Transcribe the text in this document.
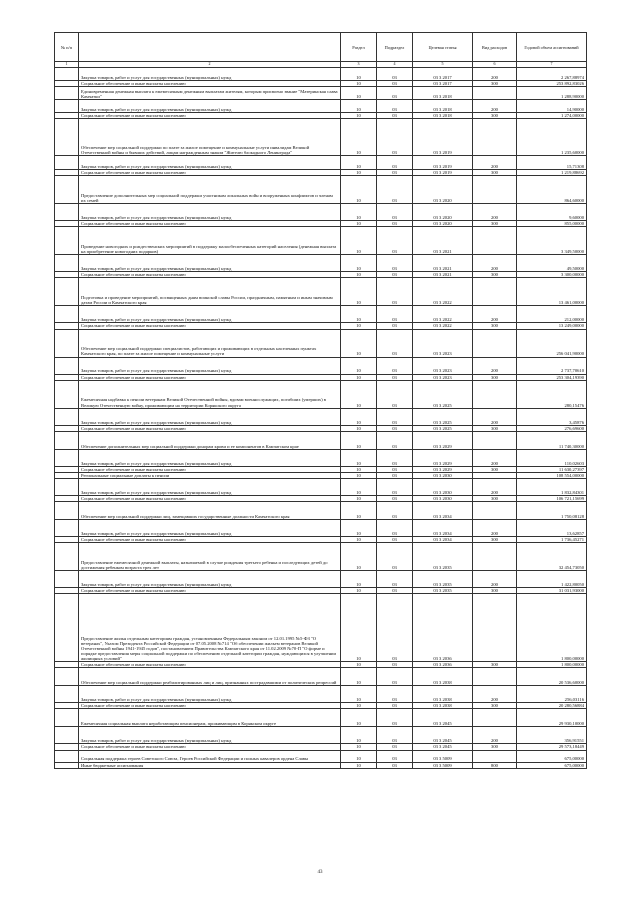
№ п/п		Раздел	Подраздел	Целевая статья	Вид расходов	Годовой объем ассигнований
1	2	3	4	5	6	7
	Закупка товаров, работ и услуг для государственных (муниципальных) нужд	10	03	03 3 2017	200	2 267,88974
	Социальное обеспечение и иные выплаты населению	10	03	03 3 2017	300	253 892,83026
	Единовременная денежная выплата к ежемесячным денежным выплатам жителям, которым присвоено звание "Материнская слава Камчатки"	10	03	03 3 2018		1 288,90000
	Закупка товаров, работ и услуг для государственных (муниципальных) нужд	10	03	03 3 2018	200	14,90000
	Социальное обеспечение и иные выплаты населению	10	03	03 3 2018	300	1 274,00000
	Обеспечение мер социальной поддержки по плате за жилое помещение и коммунальные услуги инвалидам Великой Отечественной войны и бывших действий, лицам награжденным знаком "Жителю блокадного Ленинграда"	10	03	03 3 2019		1 235,60000
	Закупка товаров, работ и услуг для государственных (муниципальных) нужд	10	03	03 3 2019	200	15,71308
	Социальное обеспечение и иные выплаты населению	10	03	03 3 2019	300	1 219,88692
	Предоставление дополнительных мер социальной поддержки участникам локальных войн и вооруженных конфликтов и членам их семей	10	03	03 3 2020		864,60000
	Закупка товаров, работ и услуг для государственных (муниципальных) нужд	10	03	03 3 2020	200	9,60000
	Социальное обеспечение и иные выплаты населению	10	03	03 3 2020	300	855,00000
	Проведение новогодних и рождественских мероприятий в поддержку малообеспеченных категорий населения (денежная выплата на приобретение новогодних подарков)	10	03	03 3 2021		3 349,50000
	Закупка товаров, работ и услуг для государственных (муниципальных) нужд	10	03	03 3 2021	200	49,50000
	Социальное обеспечение и иные выплаты населению	10	03	03 3 2021	300	3 300,00000
	Подготовка и проведение мероприятий, посвященных дням воинской славы России, праздничным, памятным и иным значимым датам России и Камчатского края	10	03	03 3 2022		13 461,00000
	Закупка товаров, работ и услуг для государственных (муниципальных) нужд	10	03	03 3 2022	200	212,00000
	Социальное обеспечение и иные выплаты населению	10	03	03 3 2022	300	13 249,00000
	Обеспечение мер социальной поддержки специалистов, работающих и проживающих в отдельных населенных пунктах Камчатского края, по плате за жилое помещение и коммунальные услуги	10	03	03 3 2023		256 041,90000
	Закупка товаров, работ и услуг для государственных (муниципальных) нужд	10	03	03 3 2023	200	2 737,70610
	Социальное обеспечение и иные выплаты населению	10	03	03 3 2023	300	253 304,19390
	Ежемесячная надбавка к пенсии ветеранам Великой Отечественной войны, вдовам военнослужащих, погибших (умерших) в Великую Отечественную войну, проживающим на территории Корякского округа	10	03	03 3 2025		280,15476
	Закупка товаров, работ и услуг для государственных (муниципальных) нужд	10	03	03 3 2025	200	3,45876
	Социальное обеспечение и иные выплаты населению	10	03	03 3 2025	300	276,69600
	Обеспечение дополнительных мер социальной поддержки донорам крови и ее компонентов в Камчатском крае	10	03	03 3 2029		11 740,30000
	Закупка товаров, работ и услуг для государственных (муниципальных) нужд	10	03	03 3 2029	200	110,02603
	Социальное обеспечение и иные выплаты населению	10	03	03 3 2029	300	11 630,27397
	Региональные социальные доплаты к пенсии	10	03	03 3 2030		108 554,00000
	Закупка товаров, работ и услуг для государственных (муниципальных) нужд	10	03	03 3 2030	200	1 832,84301
	Социальное обеспечение и иные выплаты населению	10	03	03 3 2030	300	106 721,15699
	Обеспечение мер социальной поддержки лиц, замещавших государственные должности Камчатского края	10	03	03 3 2034		1 750,08128
	Закупка товаров, работ и услуг для государственных (муниципальных) нужд	10	03	03 3 2034	200	13,62857
	Социальное обеспечение и иные выплаты населению	10	03	03 3 2034	300	1 736,45271
	Предоставление ежемесячной денежной выплаты, назначаемой в случае рождения третьего ребенка и последующих детей до достижения ребенком возраста трех лет	10	03	03 3 2035		32 454,73050
	Закупка товаров, работ и услуг для государственных (муниципальных) нужд	10	03	03 3 2035	200	1 422,80050
	Социальное обеспечение и иные выплаты населению	10	03	03 3 2035	300	31 031,93000
	Предоставление жилья отдельным категориям граждан, установленным Федеральным законом от 12.01.1995 №5-ФЗ "О ветеранах", Указом Президента Российской Федерации от 07.05.2008 №714 "Об обеспечении жильем ветеранов Великой Отечественной войны 1941-1945 годов", постановлением Правительства Камчатского края от 11.02.2009 №70-П "О форме и порядке предоставления меры социальной поддержки по обеспечению отдельной категории граждан, нуждающихся в улучшении жилищных условий"	10	03	03 3 2036		1 800,00000
	Социальное обеспечение и иные выплаты населению	10	03	03 3 2036	300	1 800,00000
	Обеспечение мер социальной поддержки реабилитированных лиц и лиц, признанных пострадавшими от политических репрессий	10	03	03 3 2038		20 536,60000
	Закупка товаров, работ и услуг для государственных (муниципальных) нужд	10	03	03 3 2038	200	256,03116
	Социальное обеспечение и иные выплаты населению	10	03	03 3 2038	300	20 280,56884
	Ежемесячная социальная выплата неработающим пенсионерам, проживающим в Корякском округе	10	03	03 3 2045		29 930,10000
	Закупка товаров, работ и услуг для государственных (муниципальных) нужд	10	03	03 3 2045	200	356,91551
	Социальное обеспечение и иные выплаты населению	10	03	03 3 2045	300	29 573,18449
	Социальная поддержка героев Советского Союза, Героев Российской Федерации и полных кавалеров ордена Славы	10	03	03 3 5009		675,00000
	Иные бюджетные ассигнования	10	03	03 3 5009	800	675,00000
43
